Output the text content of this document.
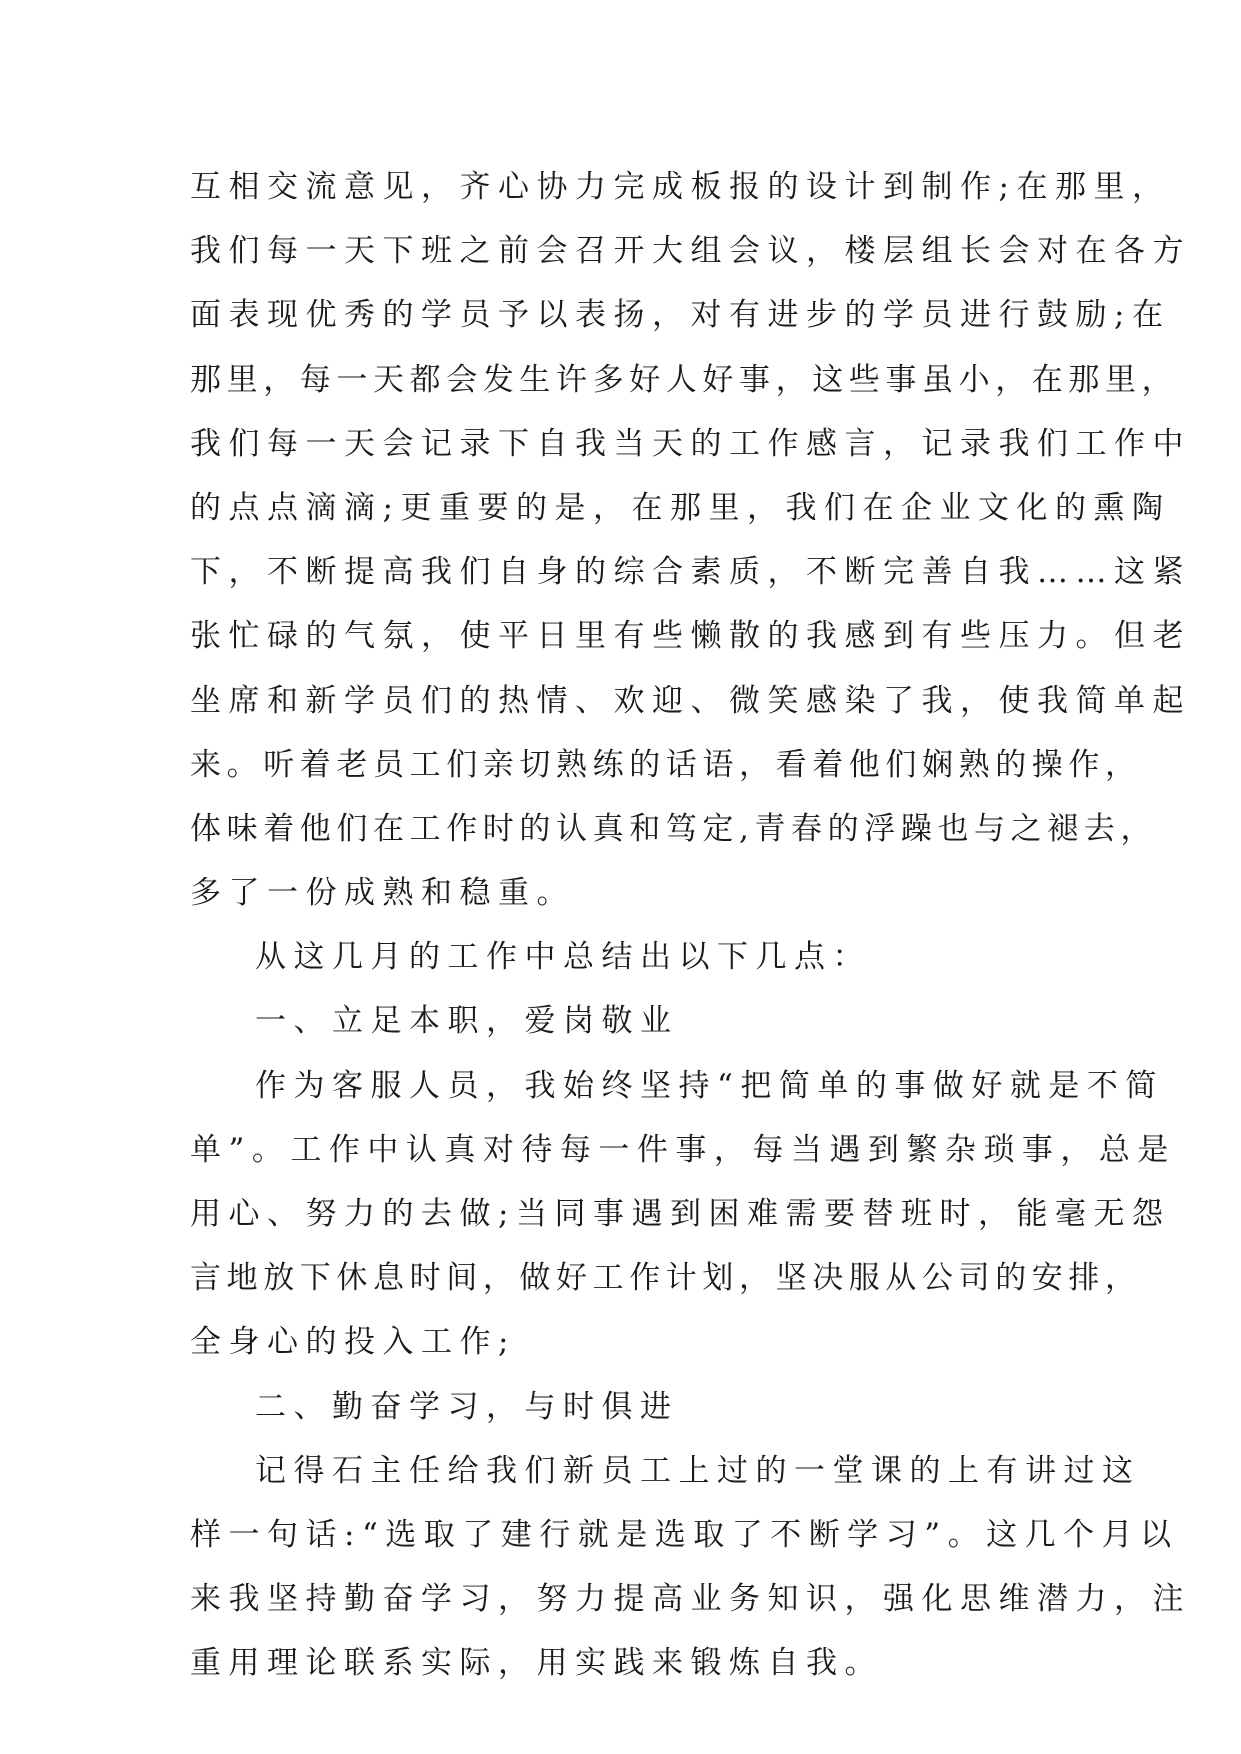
互相交流意见，齐心协力完成板报的设计到制作;在那里，
我们每一天下班之前会召开大组会议，楼层组长会对在各方
面表现优秀的学员予以表扬，对有进步的学员进行鼓励;在
那里，每一天都会发生许多好人好事，这些事虽小，在那里，
我们每一天会记录下自我当天的工作感言，记录我们工作中
的点点滴滴;更重要的是，在那里，我们在企业文化的熏陶
下，不断提高我们自身的综合素质，不断完善自我……这紧
张忙碌的气氛，使平日里有些懒散的我感到有些压力。但老
坐席和新学员们的热情、欢迎、微笑感染了我，使我简单起
来。听着老员工们亲切熟练的话语，看着他们娴熟的操作，
体味着他们在工作时的认真和笃定,青春的浮躁也与之褪去，
多了一份成熟和稳重。
从这几月的工作中总结出以下几点：
一、立足本职，爱岗敬业
作为客服人员，我始终坚持“把简单的事做好就是不简
单”。工作中认真对待每一件事，每当遇到繁杂琐事，总是
用心、努力的去做;当同事遇到困难需要替班时，能毫无怨
言地放下休息时间，做好工作计划，坚决服从公司的安排，
全身心的投入工作;
二、勤奋学习，与时俱进
记得石主任给我们新员工上过的一堂课的上有讲过这
样一句话:“选取了建行就是选取了不断学习”。这几个月以
来我坚持勤奋学习，努力提高业务知识，强化思维潜力，注
重用理论联系实际，用实践来锻炼自我。
